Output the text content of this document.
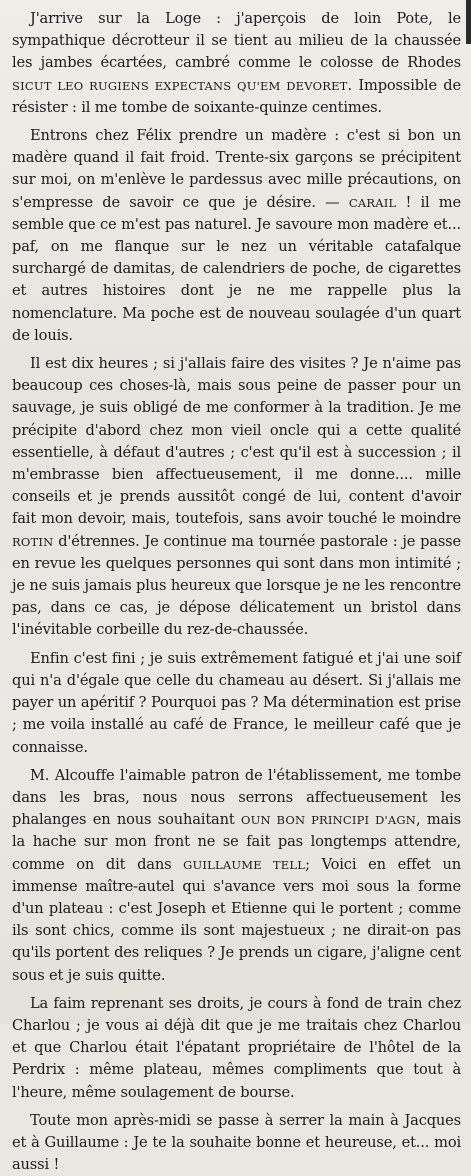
J'arrive sur la Loge : j'aperçois de loin Pote, le sympathique décrotteur il se tient au milieu de la chaussée les jambes écartées, cambré comme le colosse de Rhodes SICUT LEO RUGIENS EXPECTANS QU'EM DEVORET. Impossible de résister : il me tombe de soixante-quinze centimes.

Entrons chez Félix prendre un madère : c'est si bon un madère quand il fait froid. Trente-six garçons se précipitent sur moi, on m'enlève le pardessus avec mille précautions, on s'empresse de savoir ce que je désire. — CARAIL ! il me semble que ce m'est pas naturel. Je savoure mon madère et... paf, on me flanque sur le nez un véritable catafalque surchargé de damitas, de calendriers de poche, de cigarettes et autres histoires dont je ne me rappelle plus la nomenclature. Ma poche est de nouveau soulagée d'un quart de louis.

Il est dix heures ; si j'allais faire des visites ? Je n'aime pas beaucoup ces choses-là, mais sous peine de passer pour un sauvage, je suis obligé de me conformer à la tradition. Je me précipite d'abord chez mon vieil oncle qui a cette qualité essentielle, à défaut d'autres ; c'est qu'il est à succession ; il m'embrasse bien affectueusement, il me donne.... mille conseils et je prends aussitôt congé de lui, content d'avoir fait mon devoir, mais, toutefois, sans avoir touché le moindre ROTIN d'étrennes. Je continue ma tournée pastorale : je passe en revue les quelques personnes qui sont dans mon intimité ; je ne suis jamais plus heureux que lorsque je ne les rencontre pas, dans ce cas, je dépose délicatement un bristol dans l'inévitable corbeille du rez-de-chaussée.

Enfin c'est fini ; je suis extrêmement fatigué et j'ai une soif qui n'a d'égale que celle du chameau au désert. Si j'allais me payer un apéritif ? Pourquoi pas ? Ma détermination est prise ; me voila installé au café de France, le meilleur café que je connaisse.

M. Alcouffe l'aimable patron de l'établissement, me tombe dans les bras, nous nous serrons affectueusement les phalanges en nous souhaitant OUN BON PRINCIPI D'AGN, mais la hache sur mon front ne se fait pas longtemps attendre, comme on dit dans GUILLAUME TELL; Voici en effet un immense maître-autel qui s'avance vers moi sous la forme d'un plateau : c'est Joseph et Etienne qui le portent ; comme ils sont chics, comme ils sont majestueux ; ne dirait-on pas qu'ils portent des reliques ? Je prends un cigare, j'aligne cent sous et je suis quitte.

La faim reprenant ses droits, je cours à fond de train chez Charlou ; je vous ai déjà dit que je me traitais chez Charlou et que Charlou était l'épatant propriétaire de l'hôtel de la Perdrix : même plateau, mêmes compliments que tout à l'heure, même soulagement de bourse.

Toute mon après-midi se passe à serrer la main à Jacques et à Guillaume : Je te la souhaite bonne et heureuse, et... moi aussi !
